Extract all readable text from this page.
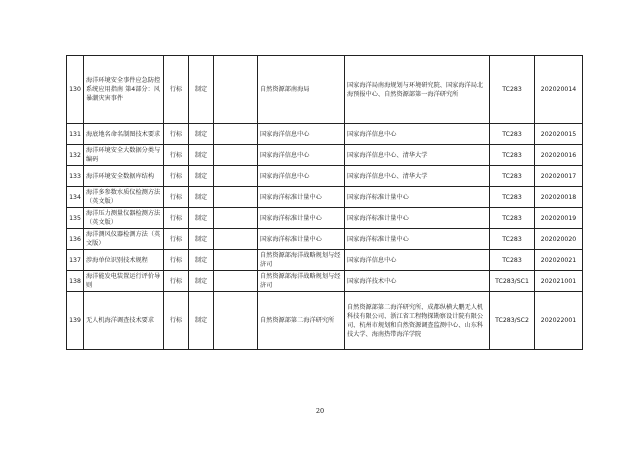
130	海洋环境安全事件应急防控系统应用指南 第4部分：风暴潮灾害事件	行标	制定		自然资源部南海局	国家海洋局南海规划与环境研究院、国家海洋局北海预报中心、自然资源部第一海洋研究所	TC283	202020014
131	海底地名命名制图技术要求	行标	制定		国家海洋信息中心	国家海洋信息中心	TC283	202020015
132	海洋环境安全大数据分类与编码	行标	制定		国家海洋信息中心	国家海洋信息中心、清华大学	TC283	202020016
133	海洋环境安全数据库结构	行标	制定		国家海洋信息中心	国家海洋信息中心、清华大学	TC283	202020017
134	海洋多参数水质仪检测方法（英文版）	行标	制定		国家海洋标准计量中心	国家海洋标准计量中心	TC283	202020018
135	海洋压力测量仪器检测方法（英文版）	行标	制定		国家海洋标准计量中心	国家海洋标准计量中心	TC283	202020019
136	海洋测风仪器检测方法（英文版）	行标	制定		国家海洋标准计量中心	国家海洋标准计量中心	TC283	202020020
137	涉海单位识别技术规程	行标	制定		自然资源部海洋战略规划与经济司	国家海洋信息中心	TC283	202020021
138	海洋能发电装置运行评价导则	行标	制定		自然资源部海洋战略规划与经济司	国家海洋技术中心	TC283/SC1	202021001
139	无人机海洋调查技术要求	行标	制定		自然资源部第二海洋研究所	自然资源部第二海洋研究所、成都纵横大鹏无人机科技有限公司、浙江省工程物探勘察设计院有限公司、杭州市规划和自然资源调查监测中心、山东科技大学、海南热带海洋学院	TC283/SC2	202022001
20
